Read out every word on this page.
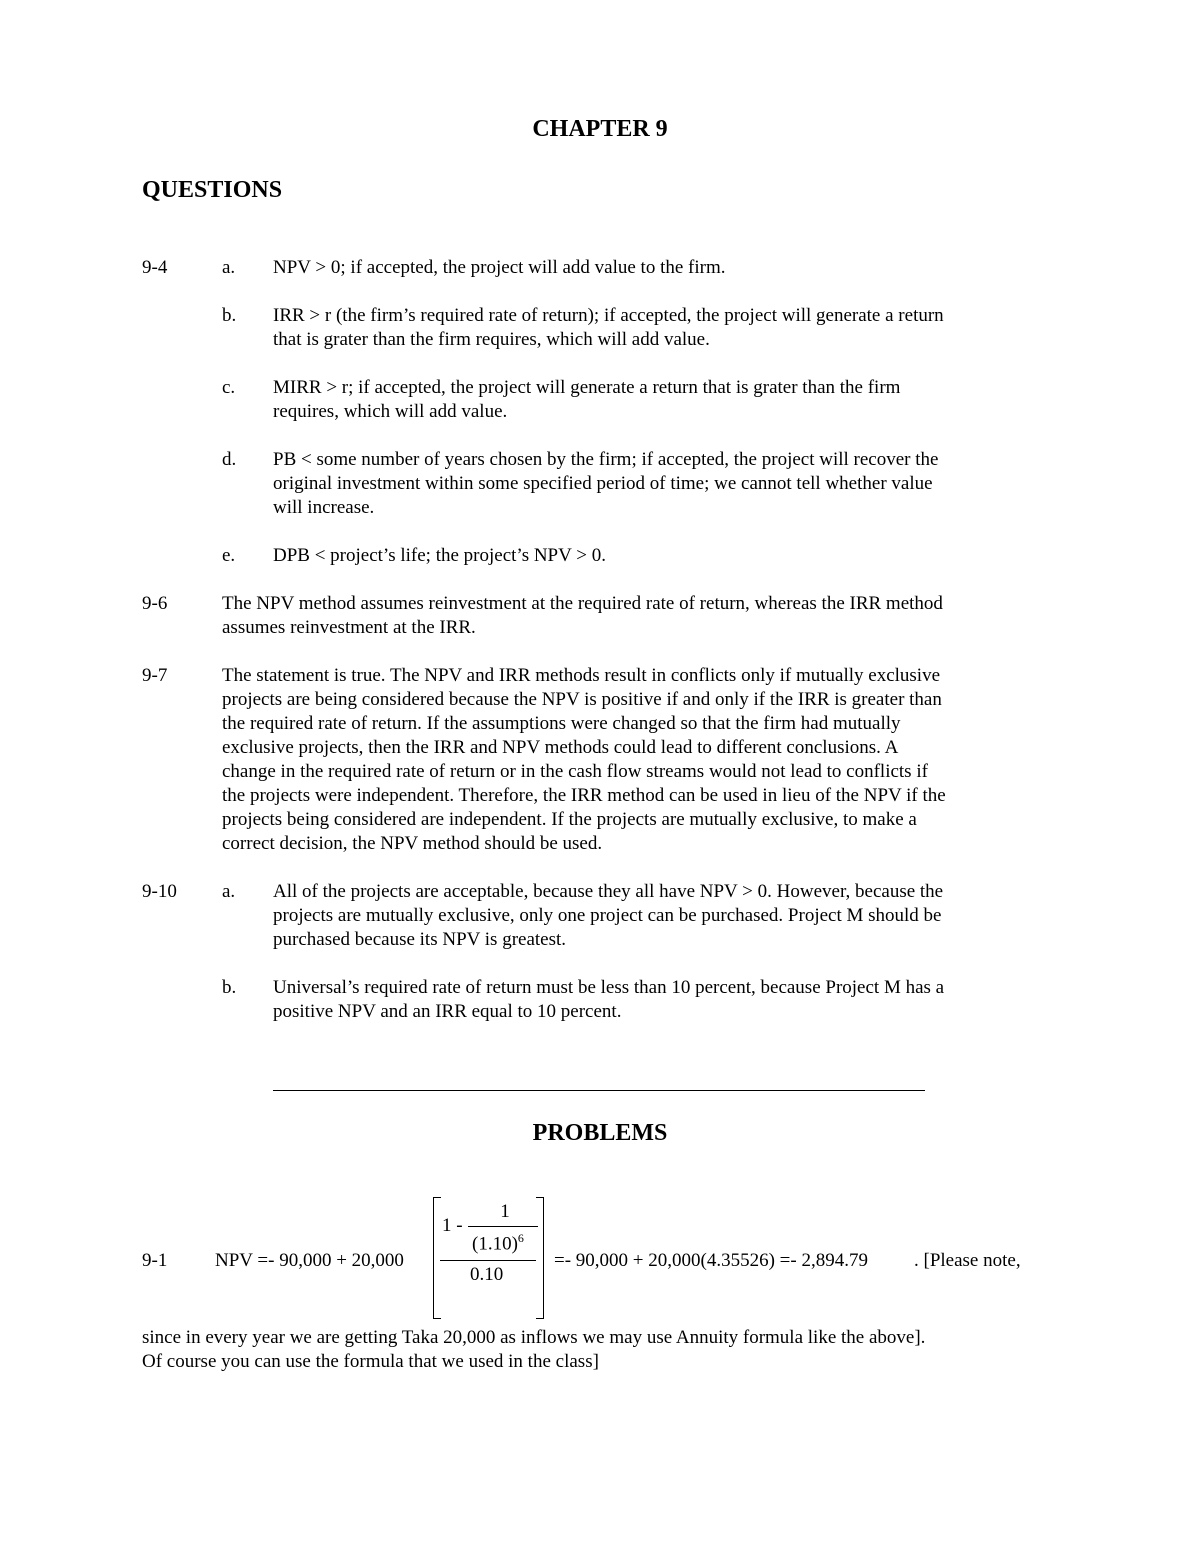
CHAPTER 9
QUESTIONS
9-4	a. NPV > 0; if accepted, the project will add value to the firm.
b. IRR > r (the firm’s required rate of return); if accepted, the project will generate a return
that is grater than the firm requires, which will add value.
c. MIRR > r; if accepted, the project will generate a return that is grater than the firm
requires, which will add value.
d. PB < some number of years chosen by the firm; if accepted, the project will recover the
original investment within some specified period of time; we cannot tell whether value
will increase.
e. DPB < project’s life; the project’s NPV > 0.
9-6	The NPV method assumes reinvestment at the required rate of return, whereas the IRR method
assumes reinvestment at the IRR.
9-7	The statement is true. The NPV and IRR methods result in conflicts only if mutually exclusive
projects are being considered because the NPV is positive if and only if the IRR is greater than
the required rate of return. If the assumptions were changed so that the firm had mutually
exclusive projects, then the IRR and NPV methods could lead to different conclusions. A
change in the required rate of return or in the cash flow streams would not lead to conflicts if
the projects were independent. Therefore, the IRR method can be used in lieu of the NPV if the
projects being considered are independent. If the projects are mutually exclusive, to make a
correct decision, the NPV method should be used.
9-10 a. All of the projects are acceptable, because they all have NPV > 0. However, because the
projects are mutually exclusive, only one project can be purchased. Project M should be
purchased because its NPV is greatest.
b. Universal’s required rate of return must be less than 10 percent, because Project M has a
positive NPV and an IRR equal to 10 percent.
PROBLEMS
9-1	NPV =- 90,000 + 20,000
1 -
1
$(1.10)^6$
0.10
=- 90,000 + 20,000(4.35526) =- 2,894.79 . [Please note,
since in every year we are getting Taka 20,000 as inflows we may use Annuity formula like the above].
Of course you can use the formula that we used in the class]
